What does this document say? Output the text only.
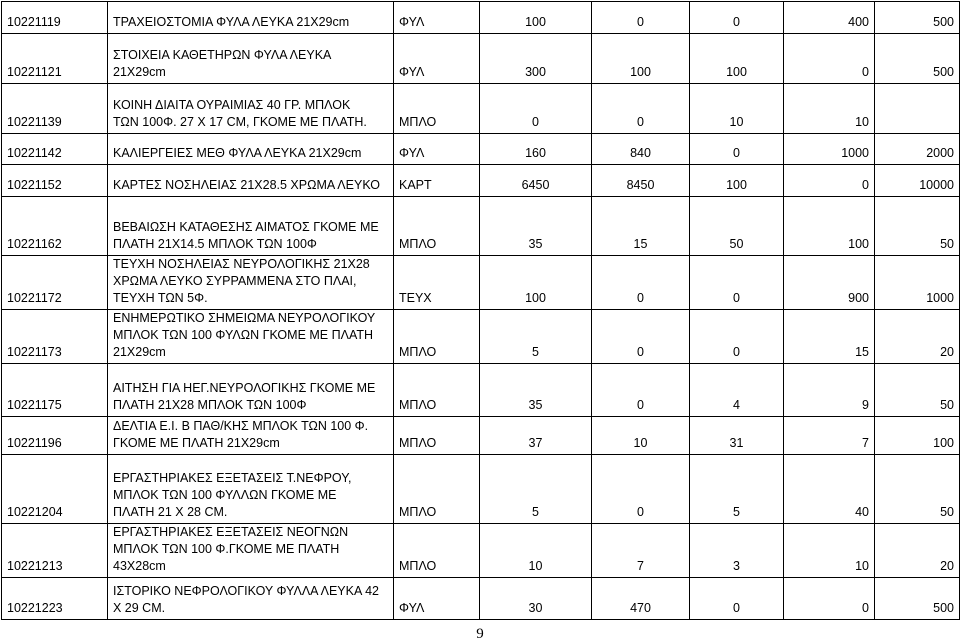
10221119	ΤΡΑΧΕΙΟΣΤΟΜΙΑ ΦΥΛΑ ΛΕΥΚΑ 21Χ29cm	ΦΥΛ	100	0	0	400	500
10221121	ΣΤΟΙΧΕΙΑ ΚΑΘΕΤΗΡΩΝ ΦΥΛΑ ΛΕΥΚΑ
21Χ29cm	ΦΥΛ	300	100	100	0	500
10221139	ΚΟΙΝΗ ΔΙΑΙΤΑ ΟΥΡΑΙΜΙΑΣ 40 ΓΡ. ΜΠΛΟΚ
ΤΩΝ 100Φ. 27 Χ 17 CM, ΓΚΟΜΕ ΜΕ ΠΛΑΤΗ.	ΜΠΛΟ	0	0	10	10	
10221142	ΚΑΛΙΕΡΓΕΙΕΣ ΜΕΘ ΦΥΛΑ ΛΕΥΚΑ 21Χ29cm	ΦΥΛ	160	840	0	1000	2000
10221152	ΚΑΡΤΕΣ ΝΟΣΗΛΕΙΑΣ 21Χ28.5 ΧΡΩΜΑ ΛΕΥΚΟ	ΚΑΡΤ	6450	8450	100	0	10000
10221162	ΒΕΒΑΙΩΣΗ ΚΑΤΑΘΕΣΗΣ ΑΙΜΑΤΟΣ ΓΚΟΜΕ ΜΕ
ΠΛΑΤΗ 21Χ14.5 ΜΠΛΟΚ ΤΩΝ 100Φ	ΜΠΛΟ	35	15	50	100	50
10221172	ΤΕΥΧΗ ΝΟΣΗΛΕΙΑΣ ΝΕΥΡΟΛΟΓΙΚΗΣ 21Χ28
ΧΡΩΜΑ ΛΕΥΚΟ ΣΥΡΡΑΜΜΕΝΑ ΣΤΟ ΠΛΑΙ,
ΤΕΥΧΗ ΤΩΝ 5Φ.	ΤΕΥΧ	100	0	0	900	1000
10221173	ΕΝΗΜΕΡΩΤΙΚΟ ΣΗΜΕΙΩΜΑ ΝΕΥΡΟΛΟΓΙΚΟΥ
ΜΠΛΟΚ ΤΩΝ 100 ΦΥΛΩΝ ΓΚΟΜΕ ΜΕ ΠΛΑΤΗ
21Χ29cm	ΜΠΛΟ	5	0	0	15	20
10221175	ΑΙΤΗΣΗ ΓΙΑ ΗΕΓ.ΝΕΥΡΟΛΟΓΙΚΗΣ ΓΚΟΜΕ ΜΕ
ΠΛΑΤΗ 21Χ28 ΜΠΛΟΚ ΤΩΝ 100Φ	ΜΠΛΟ	35	0	4	9	50
10221196	ΔΕΛΤΙΑ Ε.Ι. Β ΠΑΘ/ΚΗΣ ΜΠΛΟΚ ΤΩΝ 100 Φ.
ΓΚΟΜΕ ΜΕ ΠΛΑΤΗ 21Χ29cm	ΜΠΛΟ	37	10	31	7	100
10221204	ΕΡΓΑΣΤΗΡΙΑΚΕΣ ΕΞΕΤΑΣΕΙΣ Τ.ΝΕΦΡΟΥ,
ΜΠΛΟΚ ΤΩΝ 100 ΦΥΛΛΩΝ ΓΚΟΜΕ ΜΕ
ΠΛΑΤΗ 21 Χ 28 CM.	ΜΠΛΟ	5	0	5	40	50
10221213	ΕΡΓΑΣΤΗΡΙΑΚΕΣ ΕΞΕΤΑΣΕΙΣ ΝΕΟΓΝΩΝ
ΜΠΛΟΚ ΤΩΝ 100 Φ.ΓΚΟΜΕ ΜΕ ΠΛΑΤΗ
43Χ28cm	ΜΠΛΟ	10	7	3	10	20
10221223	ΙΣΤΟΡΙΚΟ ΝΕΦΡΟΛΟΓΙΚΟΥ ΦΥΛΛΑ ΛΕΥΚΑ 42
Χ 29 CM.	ΦΥΛ	30	470	0	0	500
9
